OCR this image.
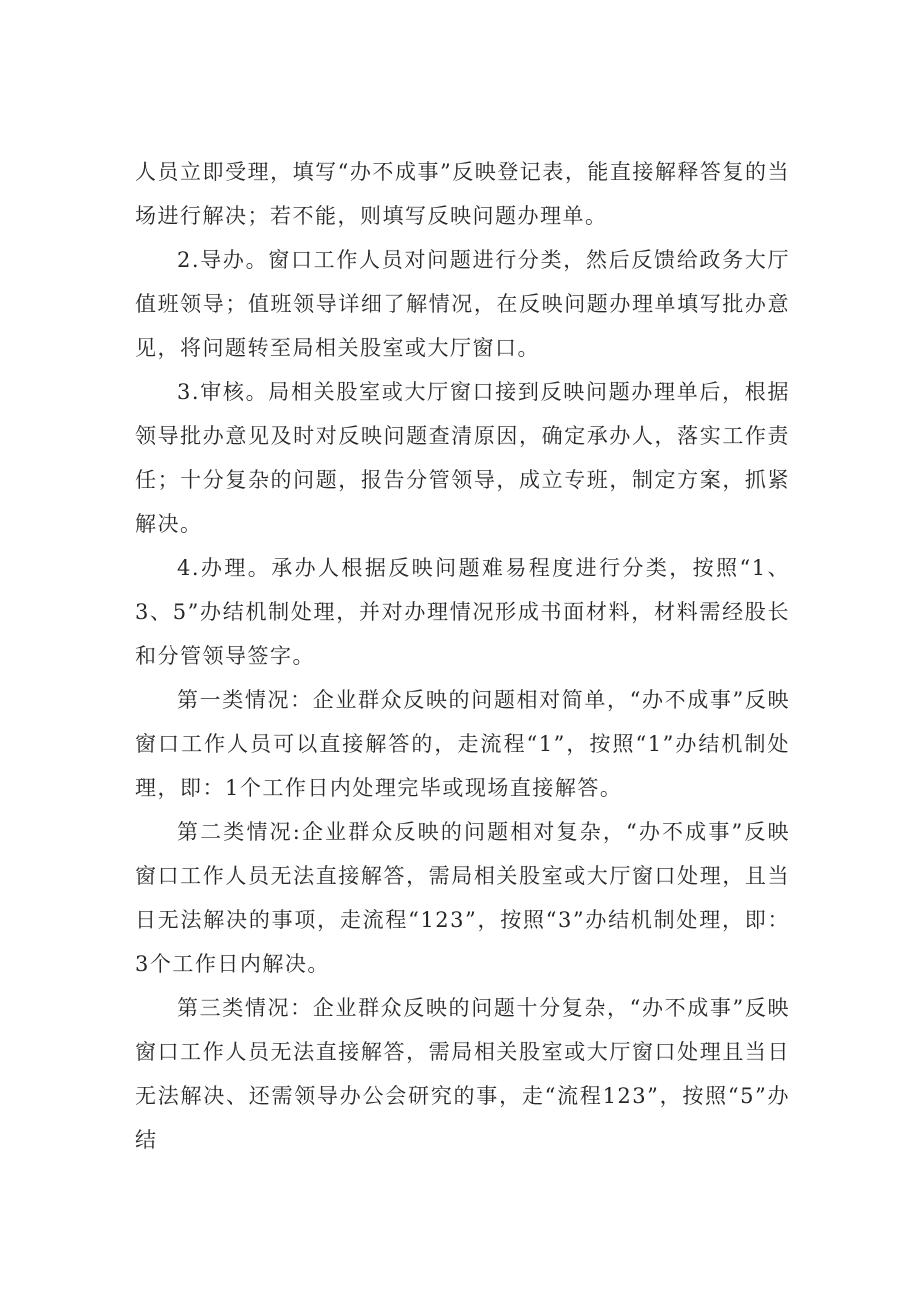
人员立即受理，填写“办不成事”反映登记表，能直接解释答复的当场进行解决；若不能，则填写反映问题办理单。

2.导办。窗口工作人员对问题进行分类，然后反馈给政务大厅值班领导；值班领导详细了解情况，在反映问题办理单填写批办意见，将问题转至局相关股室或大厅窗口。

3.审核。局相关股室或大厅窗口接到反映问题办理单后，根据领导批办意见及时对反映问题查清原因，确定承办人，落实工作责任；十分复杂的问题，报告分管领导，成立专班，制定方案，抓紧解决。

4.办理。承办人根据反映问题难易程度进行分类，按照“1、3、5”办结机制处理，并对办理情况形成书面材料，材料需经股长和分管领导签字。

第一类情况：企业群众反映的问题相对简单，“办不成事”反映窗口工作人员可以直接解答的，走流程“1”，按照“1”办结机制处理，即：1个工作日内处理完毕或现场直接解答。

第二类情况:企业群众反映的问题相对复杂，“办不成事”反映窗口工作人员无法直接解答，需局相关股室或大厅窗口处理，且当日无法解决的事项，走流程“123”，按照“3”办结机制处理，即：3个工作日内解决。

第三类情况：企业群众反映的问题十分复杂，“办不成事”反映窗口工作人员无法直接解答，需局相关股室或大厅窗口处理且当日无法解决、还需领导办公会研究的事，走“流程123”，按照“5”办结
